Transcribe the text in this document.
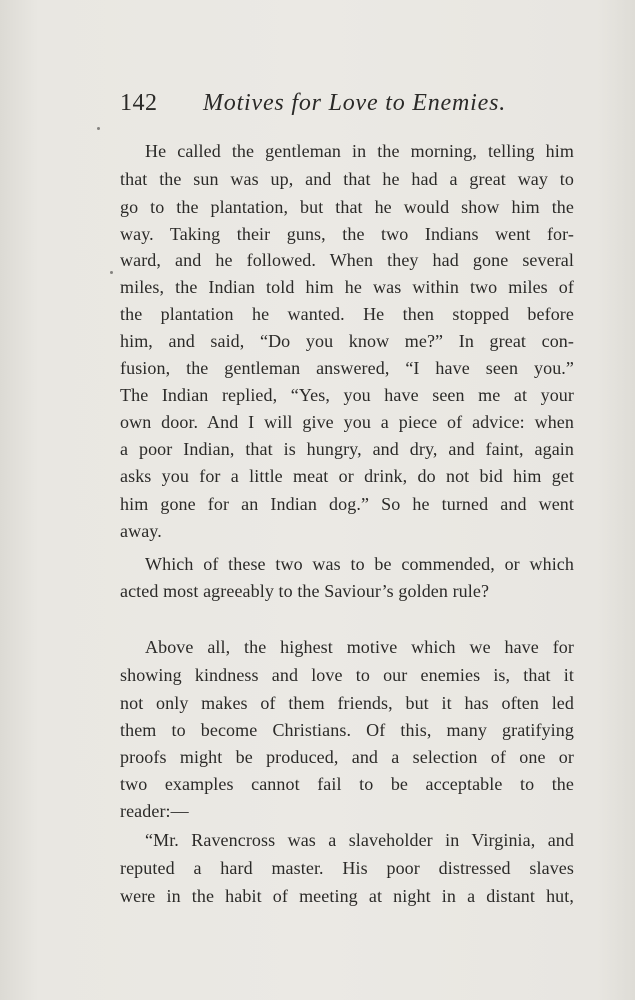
142 Motives for Love to Enemies.
He called the gentleman in the morning, telling him
that the sun was up, and that he had a great way to
go to the plantation, but that he would show him the
way. Taking their guns, the two Indians went for-
ward, and he followed. When they had gone several
miles, the Indian told him he was within two miles of
the plantation he wanted. He then stopped before
him, and said, “Do you know me?” In great con-
fusion, the gentleman answered, “I have seen you.”
The Indian replied, “Yes, you have seen me at your
own door. And I will give you a piece of advice: when
a poor Indian, that is hungry, and dry, and faint, again
asks you for a little meat or drink, do not bid him get
him gone for an Indian dog.” So he turned and went
away.
Which of these two was to be commended, or which
acted most agreeably to the Saviour’s golden rule?
Above all, the highest motive which we have for
showing kindness and love to our enemies is, that it
not only makes of them friends, but it has often led
them to become Christians. Of this, many gratifying
proofs might be produced, and a selection of one or
two examples cannot fail to be acceptable to the
reader:—
“Mr. Ravencross was a slaveholder in Virginia, and
reputed a hard master. His poor distressed slaves
were in the habit of meeting at night in a distant hut,
